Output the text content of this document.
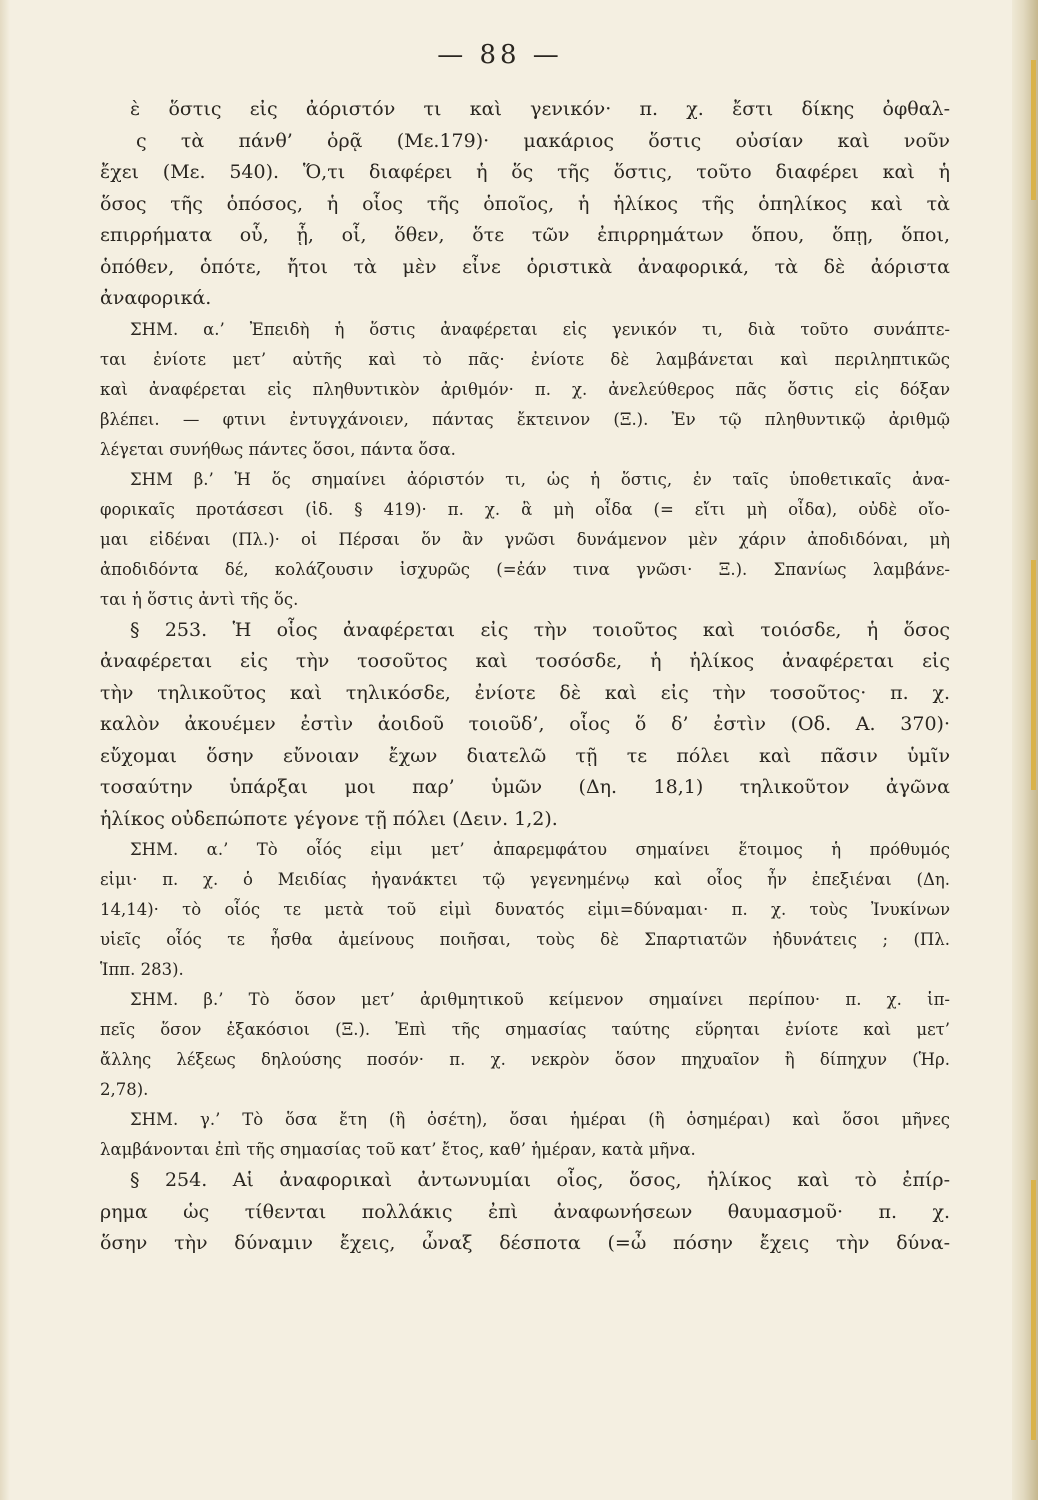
— 88 —
ὲ ὅστις εἰς ἀόριστόν τι καὶ γενικόν· π. χ. ἔστι δίκης ὀφθαλ-
ς τὰ πάνθ’ ὁρᾷ (Με.179)· μακάριος ὅστις οὐσίαν καὶ νοῦν
ἔχει (Με. 540). Ὅ,τι διαφέρει ἡ ὅς τῆς ὅστις, τοῦτο διαφέρει καὶ ἡ
ὅσος τῆς ὁπόσος, ἡ οἷος τῆς ὁποῖος, ἡ ἡλίκος τῆς ὁπηλίκος καὶ τὰ
επιρρήματα οὗ, ᾗ, οἷ, ὅθεν, ὅτε τῶν ἐπιρρημάτων ὅπου, ὅπῃ, ὅποι,
ὁπόθεν, ὁπότε, ἤτοι τὰ μὲν εἶνε ὁριστικὰ ἀναφορικά, τὰ δὲ ἀόριστα
ἀναφορικά.
ΣΗΜ. α.’ Ἐπειδὴ ἡ ὅστις ἀναφέρεται εἰς γενικόν τι, διὰ τοῦτο συνάπτε-
ται ἐνίοτε μετ’ αὐτῆς καὶ τὸ πᾶς· ἐνίοτε δὲ λαμβάνεται καὶ περιληπτικῶς
καὶ ἀναφέρεται εἰς πληθυντικὸν ἀριθμόν· π. χ. ἀνελεύθερος πᾶς ὅστις εἰς δόξαν
βλέπει. — φτινι ἐντυγχάνοιεν, πάντας ἔκτεινον (Ξ.). Ἐν τῷ πληθυντικῷ ἀριθμῷ
λέγεται συνήθως πάντες ὅσοι, πάντα ὅσα.
ΣΗΜ β.’ Ἡ ὅς σημαίνει ἀόριστόν τι, ὡς ἡ ὅστις, ἐν ταῖς ὑποθετικαῖς ἀνα-
φορικαῖς προτάσεσι (ἰδ. § 419)· π. χ. ἃ μὴ οἶδα (= εἴτι μὴ οἶδα), οὐδὲ οἴο-
μαι εἰδέναι (Πλ.)· οἱ Πέρσαι ὅν ἂν γνῶσι δυνάμενον μὲν χάριν ἀποδιδόναι, μὴ
ἀποδιδόντα δέ, κολάζουσιν ἰσχυρῶς (=ἐάν τινα γνῶσι· Ξ.). Σπανίως λαμβάνε-
ται ἡ ὅστις ἀντὶ τῆς ὅς.
§ 253. Ἡ οἷος ἀναφέρεται εἰς τὴν τοιοῦτος καὶ τοιόσδε, ἡ ὅσος
ἀναφέρεται εἰς τὴν τοσοῦτος καὶ τοσόσδε, ἡ ἡλίκος ἀναφέρεται εἰς
τὴν τηλικοῦτος καὶ τηλικόσδε, ἐνίοτε δὲ καὶ εἰς τὴν τοσοῦτος· π. χ.
καλὸν ἀκουέμεν ἐστὶν ἀοιδοῦ τοιοῦδ’, οἷος ὅ δ’ ἐστὶν (Οδ. Α. 370)·
εὔχομαι ὅσην εὔνοιαν ἔχων διατελῶ τῇ τε πόλει καὶ πᾶσιν ὑμῖν
τοσαύτην ὑπάρξαι μοι παρ’ ὑμῶν (Δη. 18,1) τηλικοῦτον ἀγῶνα
ἡλίκος οὐδεπώποτε γέγονε τῇ πόλει (Δειν. 1,2).
ΣΗΜ. α.’ Τὸ οἷός εἰμι μετ’ ἀπαρεμφάτου σημαίνει ἕτοιμος ἡ πρόθυμός
εἰμι· π. χ. ὁ Μειδίας ἠγανάκτει τῷ γεγενημένῳ καὶ οἷος ἦν ἐπεξιέναι (Δη.
14,14)· τὸ οἷός τε μετὰ τοῦ εἰμὶ δυνατός εἰμι=δύναμαι· π. χ. τοὺς Ἰνυκίνων
υἱεῖς οἷός τε ἦσθα ἀμείνους ποιῆσαι, τοὺς δὲ Σπαρτιατῶν ἠδυνάτεις ; (Πλ.
Ἱππ. 283).
ΣΗΜ. β.’ Τὸ ὅσον μετ’ ἀριθμητικοῦ κείμενον σημαίνει περίπου· π. χ. ἱπ-
πεῖς ὅσον ἑξακόσιοι (Ξ.). Ἐπὶ τῆς σημασίας ταύτης εὕρηται ἐνίοτε καὶ μετ’
ἄλλης λέξεως δηλούσης ποσόν· π. χ. νεκρὸν ὅσον πηχυαῖον ἢ δίπηχυν (Ἡρ.
2,78).
ΣΗΜ. γ.’ Τὸ ὅσα ἔτη (ἢ ὁσέτη), ὅσαι ἡμέραι (ἢ ὁσημέραι) καὶ ὅσοι μῆνες
λαμβάνονται ἐπὶ τῆς σημασίας τοῦ κατ’ ἔτος, καθ’ ἡμέραν, κατὰ μῆνα.
§ 254. Αἱ ἀναφορικαὶ ἀντωνυμίαι οἷος, ὅσος, ἡλίκος καὶ τὸ ἐπίρ-
ρημα ὡς τίθενται πολλάκις ἐπὶ ἀναφωνήσεων θαυμασμοῦ· π. χ.
ὅσην τὴν δύναμιν ἔχεις, ὦναξ δέσποτα (=ὦ πόσην ἔχεις τὴν δύνα-
